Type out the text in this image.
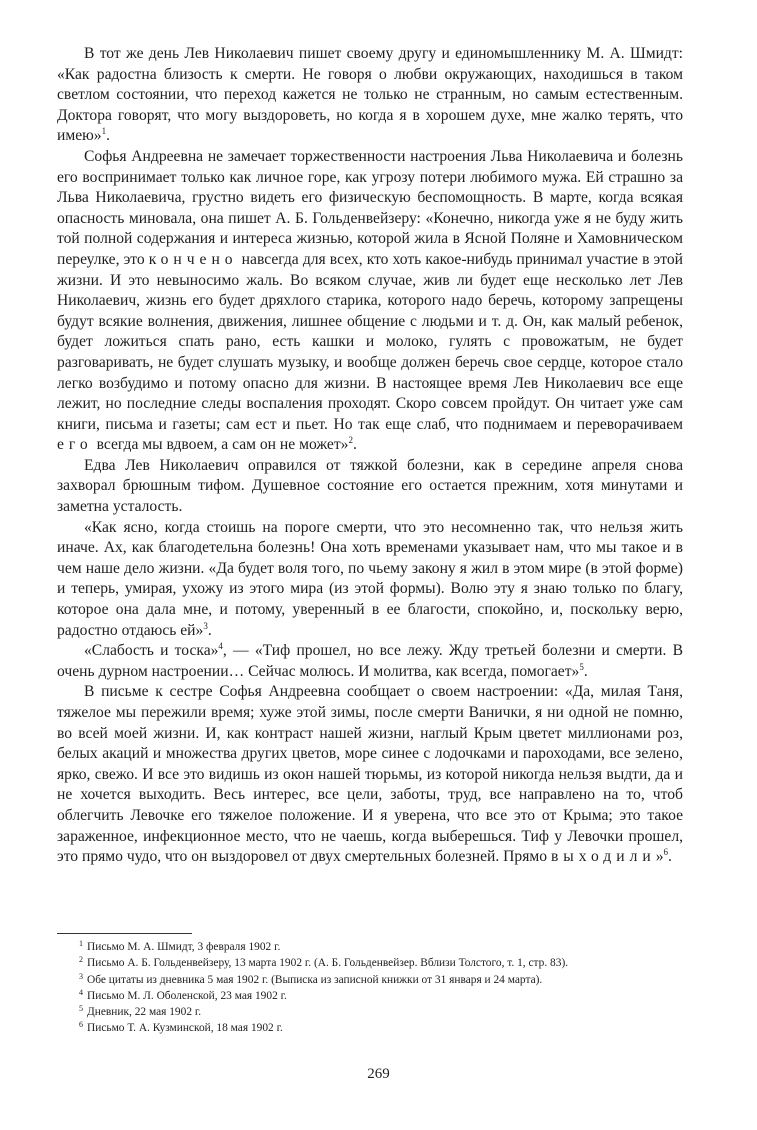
В тот же день Лев Николаевич пишет своему другу и единомышленнику М. А. Шмидт: «Как радостна близость к смерти. Не говоря о любви окружающих, находишься в таком светлом состоянии, что переход кажется не только не странным, но самым естественным. Доктора говорят, что могу выздороветь, но когда я в хорошем духе, мне жалко терять, что имею»$^1$.

Софья Андреевна не замечает торжественности настроения Льва Николаевича и болезнь его воспринимает только как личное горе, как угрозу потери любимого мужа. Ей страшно за Льва Николаевича, грустно видеть его физическую беспомощность. В марте, когда всякая опасность миновала, она пишет А. Б. Гольденвейзеру: «Конечно, никогда уже я не буду жить той полной содержания и интереса жизнью, которой жила в Ясной Поляне и Хамовническом переулке, это кончено навсегда для всех, кто хоть какое-нибудь принимал участие в этой жизни. И это невыносимо жаль. Во всяком случае, жив ли будет еще несколько лет Лев Николаевич, жизнь его будет дряхлого старика, которого надо беречь, которому запрещены будут всякие волнения, движения, лишнее общение с людьми и т. д. Он, как малый ребенок, будет ложиться спать рано, есть кашки и молоко, гулять с провожатым, не будет разговаривать, не будет слушать музыку, и вообще должен беречь свое сердце, которое стало легко возбудимо и потому опасно для жизни. В настоящее время Лев Николаевич все еще лежит, но последние следы воспаления проходят. Скоро совсем пройдут. Он читает уже сам книги, письма и газеты; сам ест и пьет. Но так еще слаб, что поднимаем и переворачиваем его всегда мы вдвоем, а сам он не может»$^2$.

Едва Лев Николаевич оправился от тяжкой болезни, как в середине апреля снова захворал брюшным тифом. Душевное состояние его остается прежним, хотя минутами и заметна усталость.

«Как ясно, когда стоишь на пороге смерти, что это несомненно так, что нельзя жить иначе. Ах, как благодетельна болезнь! Она хоть временами указывает нам, что мы такое и в чем наше дело жизни. «Да будет воля того, по чьему закону я жил в этом мире (в этой форме) и теперь, умирая, ухожу из этого мира (из этой формы). Волю эту я знаю только по благу, которое она дала мне, и потому, уверенный в ее благости, спокойно, и, поскольку верю, радостно отдаюсь ей»$^3$.

«Слабость и тоска»$^4$, — «Тиф прошел, но все лежу. Жду третьей болезни и смерти. В очень дурном настроении… Сейчас молюсь. И молитва, как всегда, помогает»$^5$.

В письме к сестре Софья Андреевна сообщает о своем настроении: «Да, милая Таня, тяжелое мы пережили время; хуже этой зимы, после смерти Ванички, я ни одной не помню, во всей моей жизни. И, как контраст нашей жизни, наглый Крым цветет миллионами роз, белых акаций и множества других цветов, море синее с лодочками и пароходами, все зелено, ярко, свежо. И все это видишь из окон нашей тюрьмы, из которой никогда нельзя выдти, да и не хочется выходить. Весь интерес, все цели, заботы, труд, все направлено на то, чтоб облегчить Левочке его тяжелое положение. И я уверена, что все это от Крыма; это такое зараженное, инфекционное место, что не чаешь, когда выберешься. Тиф у Левочки прошел, это прямо чудо, что он выздоровел от двух смертельных болезней. Прямо выходили»$^6$.

$^1$ Письмо М. А. Шмидт, 3 февраля 1902 г.

$^2$ Письмо А. Б. Гольденвейзеру, 13 марта 1902 г. (А. Б. Гольденвейзер. Вблизи Толстого, т. 1, стр. 83).

$^3$ Обе цитаты из дневника 5 мая 1902 г. (Выписка из записной книжки от 31 января и 24 марта).

$^4$ Письмо М. Л. Оболенской, 23 мая 1902 г.

$^5$ Дневник, 22 мая 1902 г.

$^6$ Письмо Т. А. Кузминской, 18 мая 1902 г.

269
